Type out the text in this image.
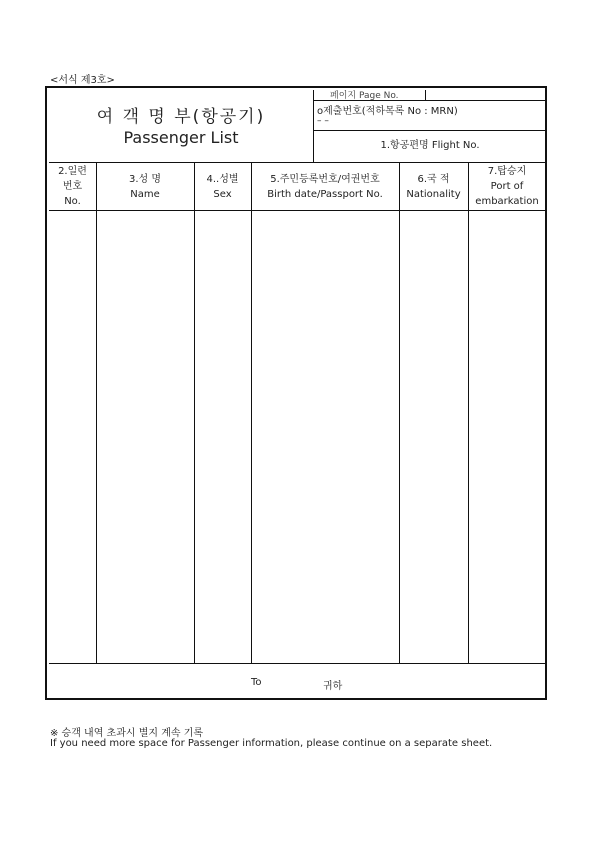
<서식 제3호>
여 객 명 부(항공기)
Passenger List
페이지 Page No.
o제출번호(적하목록 No : MRN)
– –
1.항공편명 Flight No.
2.일련
번호
No.
3.성 명
Name
4..성별
Sex
5.주민등록번호/여권번호
Birth date/Passport No.
6.국 적
Nationality
7.탑승지
Port of
embarkation
To	귀하
※ 승객 내역 초과시 별지 계속 기록
If you need more space for Passenger information, please continue on a separate sheet.
